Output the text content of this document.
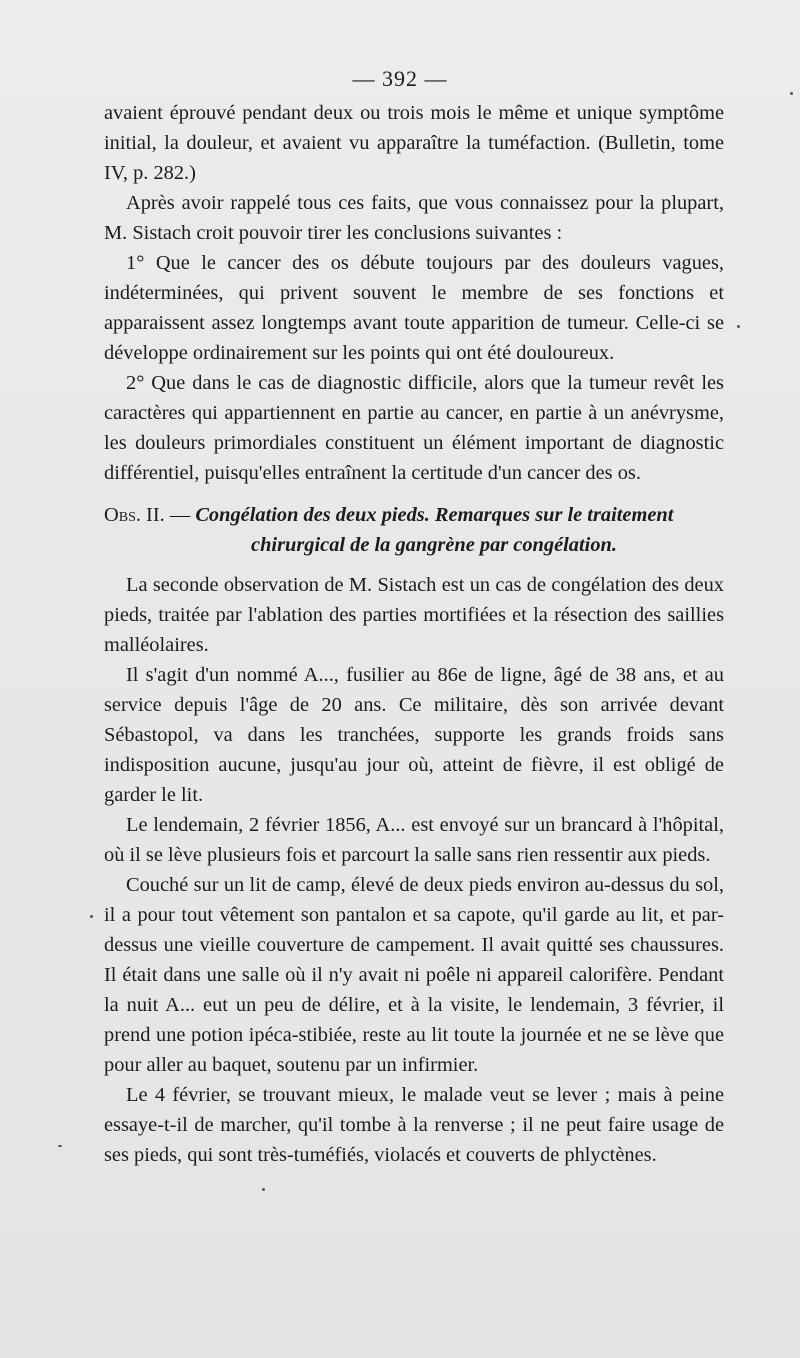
— 392 —

avaient éprouvé pendant deux ou trois mois le même et unique symptôme initial, la douleur, et avaient vu apparaître la tuméfaction. (Bulletin, tome IV, p. 282.)

Après avoir rappelé tous ces faits, que vous connaissez pour la plupart, M. Sistach croit pouvoir tirer les conclusions suivantes :

1° Que le cancer des os débute toujours par des douleurs vagues, indéterminées, qui privent souvent le membre de ses fonctions et apparaissent assez longtemps avant toute apparition de tumeur. Celle-ci se développe ordinairement sur les points qui ont été douloureux.

2° Que dans le cas de diagnostic difficile, alors que la tumeur revêt les caractères qui appartiennent en partie au cancer, en partie à un anévrysme, les douleurs primordiales constituent un élément important de diagnostic différentiel, puisqu'elles entraînent la certitude d'un cancer des os.

Obs. II. — Congélation des deux pieds. Remarques sur le traitement
chirurgical de la gangrène par congélation.

La seconde observation de M. Sistach est un cas de congélation des deux pieds, traitée par l'ablation des parties mortifiées et la résection des saillies malléolaires.

Il s'agit d'un nommé A..., fusilier au 86e de ligne, âgé de 38 ans, et au service depuis l'âge de 20 ans. Ce militaire, dès son arrivée devant Sébastopol, va dans les tranchées, supporte les grands froids sans indisposition aucune, jusqu'au jour où, atteint de fièvre, il est obligé de garder le lit.

Le lendemain, 2 février 1856, A... est envoyé sur un brancard à l'hôpital, où il se lève plusieurs fois et parcourt la salle sans rien ressentir aux pieds.

Couché sur un lit de camp, élevé de deux pieds environ au-dessus du sol, il a pour tout vêtement son pantalon et sa capote, qu'il garde au lit, et par-dessus une vieille couverture de campement. Il avait quitté ses chaussures. Il était dans une salle où il n'y avait ni poêle ni appareil calorifère. Pendant la nuit A... eut un peu de délire, et à la visite, le lendemain, 3 février, il prend une potion ipéca-stibiée, reste au lit toute la journée et ne se lève que pour aller au baquet, soutenu par un infirmier.

Le 4 février, se trouvant mieux, le malade veut se lever ; mais à peine essaye-t-il de marcher, qu'il tombe à la renverse ; il ne peut faire usage de ses pieds, qui sont très-tuméfiés, violacés et couverts de phlyctènes.
